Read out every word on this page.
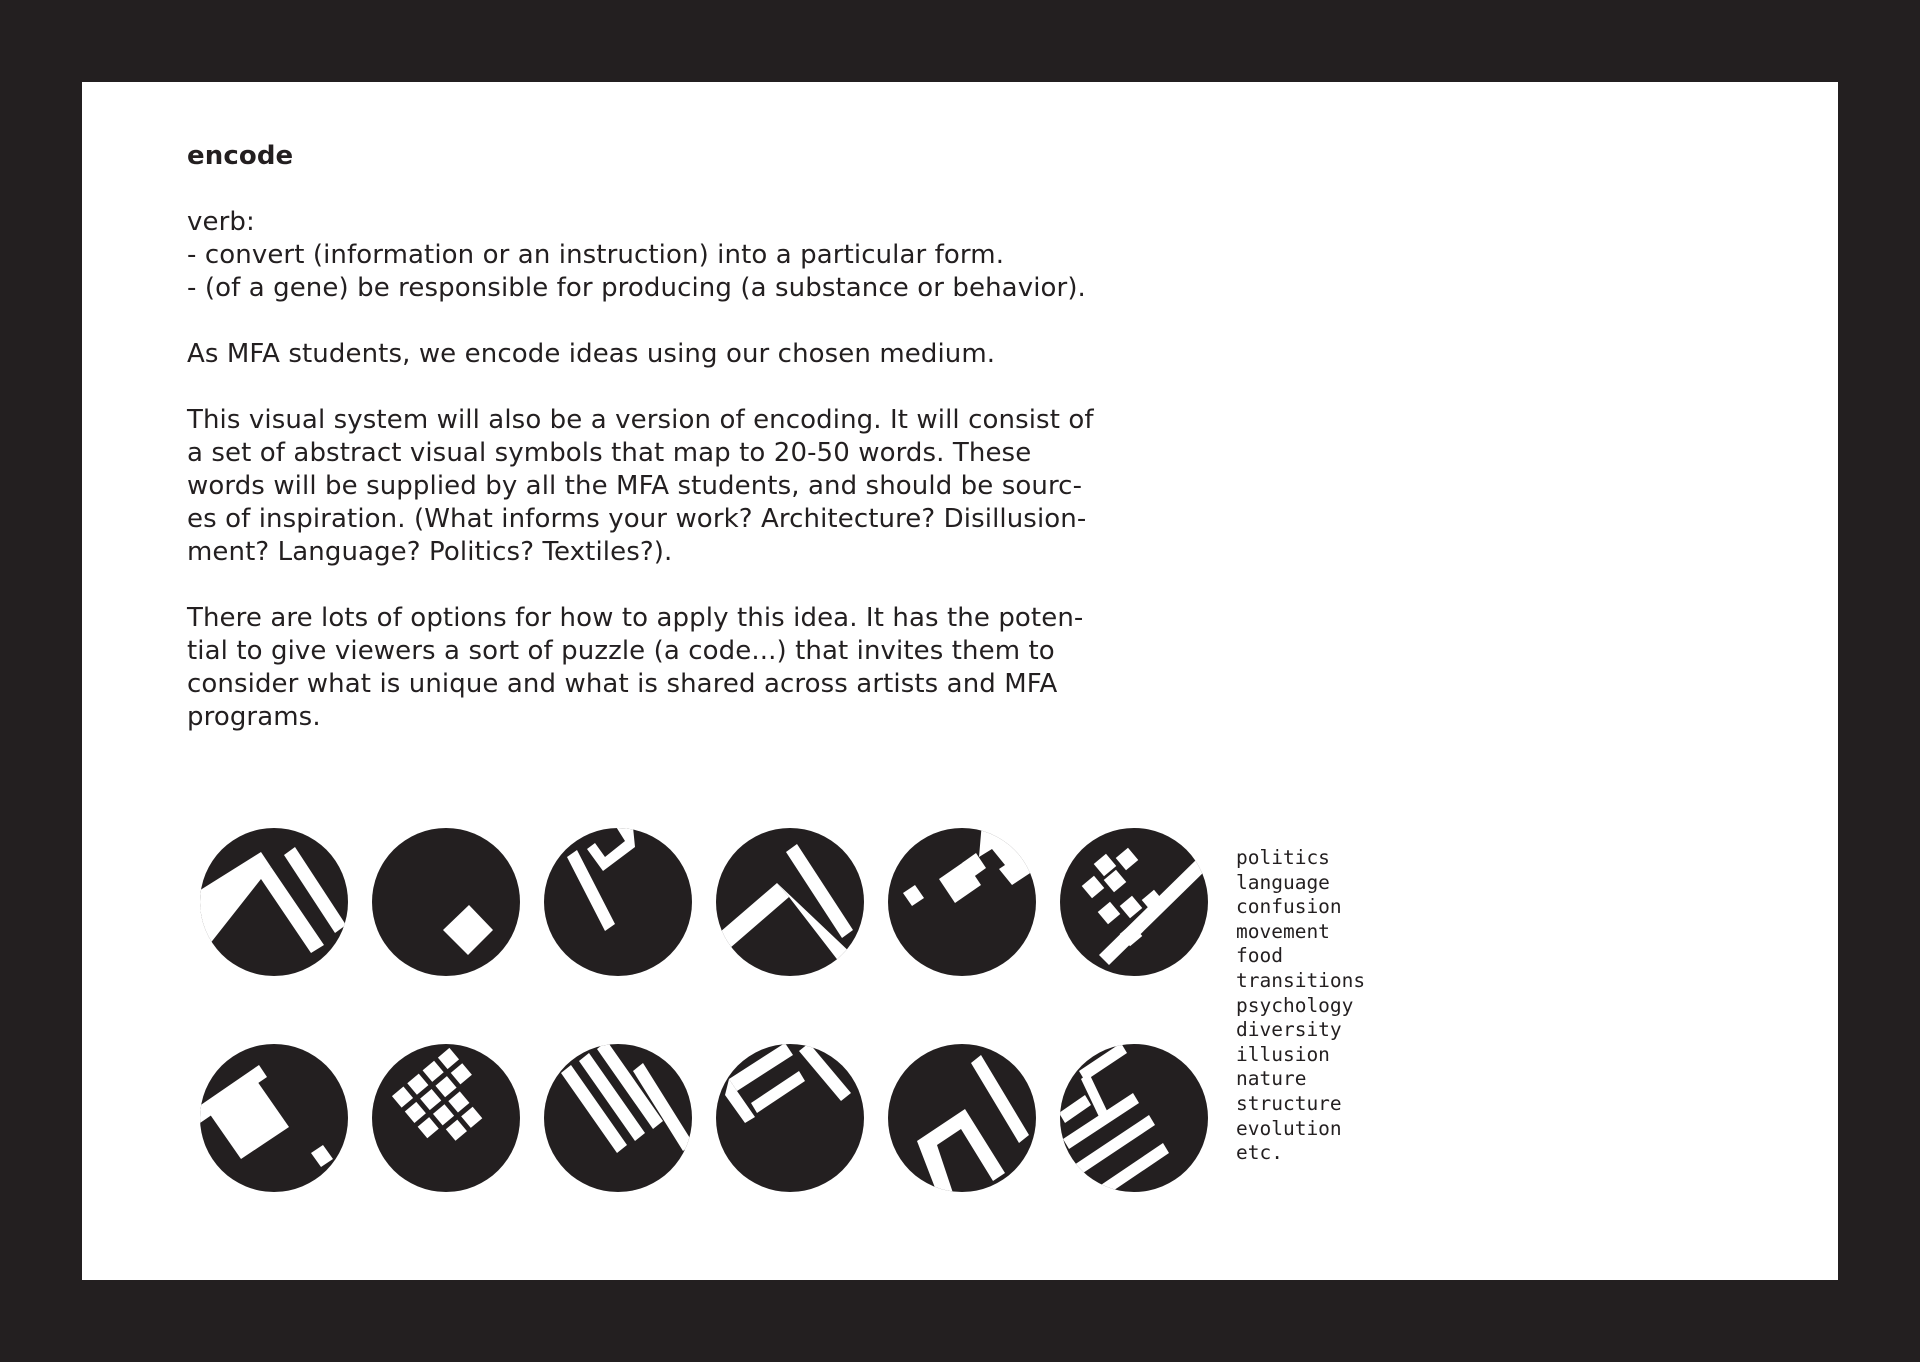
encode
verb:
- convert (information or an instruction) into a particular form.
- (of a gene) be responsible for producing (a substance or behavior).
As MFA students, we encode ideas using our chosen medium.
This visual system will also be a version of encoding. It will consist of
a set of abstract visual symbols that map to 20-50 words. These
words will be supplied by all the MFA students, and should be sourc-
es of inspiration. (What informs your work? Architecture? Disillusion-
ment? Language? Politics? Textiles?).
There are lots of options for how to apply this idea. It has the poten-
tial to give viewers a sort of puzzle (a code...) that invites them to
consider what is unique and what is shared across artists and MFA
programs.
politics
language
confusion
movement
food
transitions
psychology
diversity
illusion
nature
structure
evolution
etc.
